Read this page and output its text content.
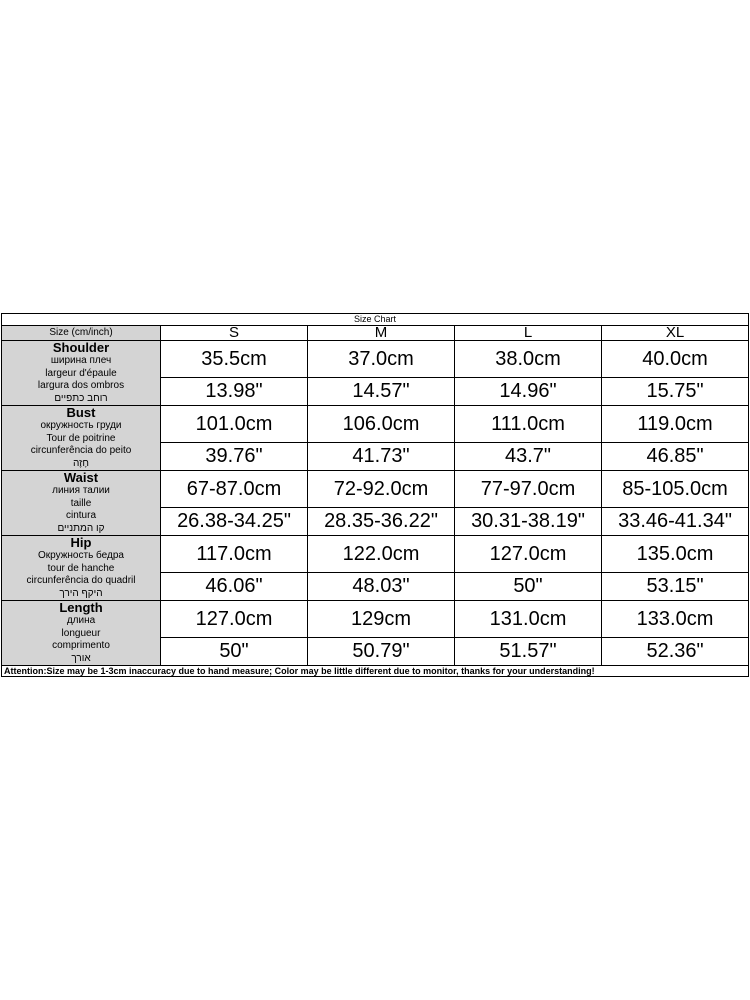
Size Chart				
Size (cm/inch)	S	M	L	XL

Shoulder
ширина плеч
largeur d'épaule
largura dos ombros
רוחב כתפיים	35.5cm	37.0cm	38.0cm	40.0cm
	13.98"	14.57"	14.96"	15.75"

Bust
окружность груди
Tour de poitrine
circunferência do peito
חָזֶה	101.0cm	106.0cm	111.0cm	119.0cm
	39.76"	41.73"	43.7"	46.85"

Waist
линия талии
taille
cintura
קו המתניים	67-87.0cm	72-92.0cm	77-97.0cm	85-105.0cm
	26.38-34.25"	28.35-36.22"	30.31-38.19"	33.46-41.34"

Hip
Окружность бедра
tour de hanche
circunferência do quadril
היקף הירך	117.0cm	122.0cm	127.0cm	135.0cm
	46.06"	48.03"	50"	53.15"

Length
длина
longueur
comprimento
אורך	127.0cm	129cm	131.0cm	133.0cm
	50"	50.79"	51.57"	52.36"
Attention:Size may be 1-3cm inaccuracy due to hand measure; Color may be little different due to monitor, thanks for your understanding!				
